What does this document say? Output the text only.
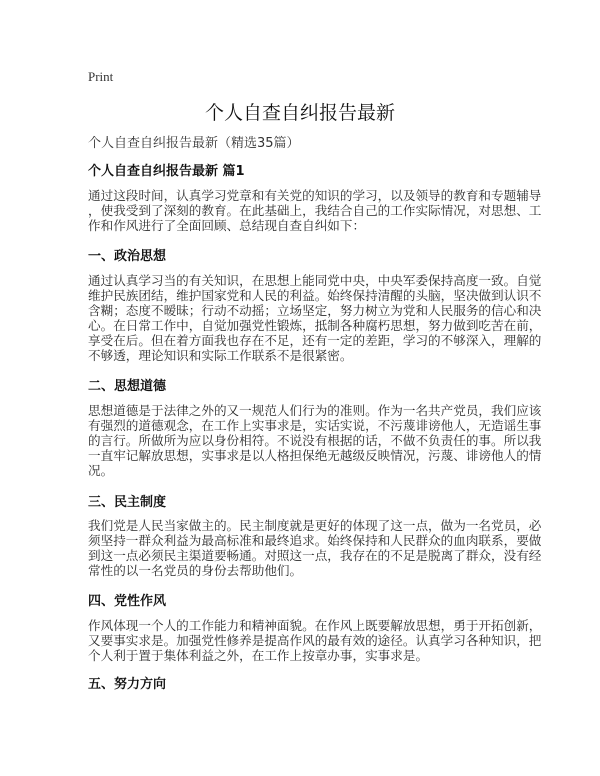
Print
个人自查自纠报告最新
个人自查自纠报告最新（精选35篇）
个人自查自纠报告最新 篇1
通过这段时间，认真学习党章和有关党的知识的学习，以及领导的教育和专题辅导
，使我受到了深刻的教育。在此基础上，我结合自己的工作实际情况，对思想、工
作和作风进行了全面回顾、总结现自查自纠如下：
一、政治思想
通过认真学习当的有关知识，在思想上能同党中央，中央军委保持高度一致。自觉
维护民族团结，维护国家党和人民的利益。始终保持清醒的头脑，坚决做到认识不
含糊；态度不暧昧；行动不动摇；立场坚定，努力树立为党和人民服务的信心和决
心。在日常工作中，自觉加强党性锻炼，抵制各种腐朽思想，努力做到吃苦在前，
享受在后。但在着方面我也存在不足，还有一定的差距，学习的不够深入，理解的
不够透，理论知识和实际工作联系不是很紧密。
二、思想道德
思想道德是于法律之外的又一规范人们行为的准则。作为一名共产党员，我们应该
有强烈的道德观念，在工作上实事求是，实话实说，不污蔑诽谤他人，无造谣生事
的言行。所做所为应以身份相符。不说没有根据的话，不做不负责任的事。所以我
一直牢记解放思想，实事求是以人格担保绝无越级反映情况，污蔑、诽谤他人的情
况。
三、民主制度
我们党是人民当家做主的。民主制度就是更好的体现了这一点，做为一名党员，必
须坚持一群众利益为最高标准和最终追求。始终保持和人民群众的血肉联系，要做
到这一点必须民主渠道要畅通。对照这一点，我存在的不足是脱离了群众，没有经
常性的以一名党员的身份去帮助他们。
四、党性作风
作风体现一个人的工作能力和精神面貌。在作风上既要解放思想，勇于开拓创新，
又要事实求是。加强党性修养是提高作风的最有效的途径。认真学习各种知识，把
个人利于置于集体利益之外，在工作上按章办事，实事求是。
五、努力方向
